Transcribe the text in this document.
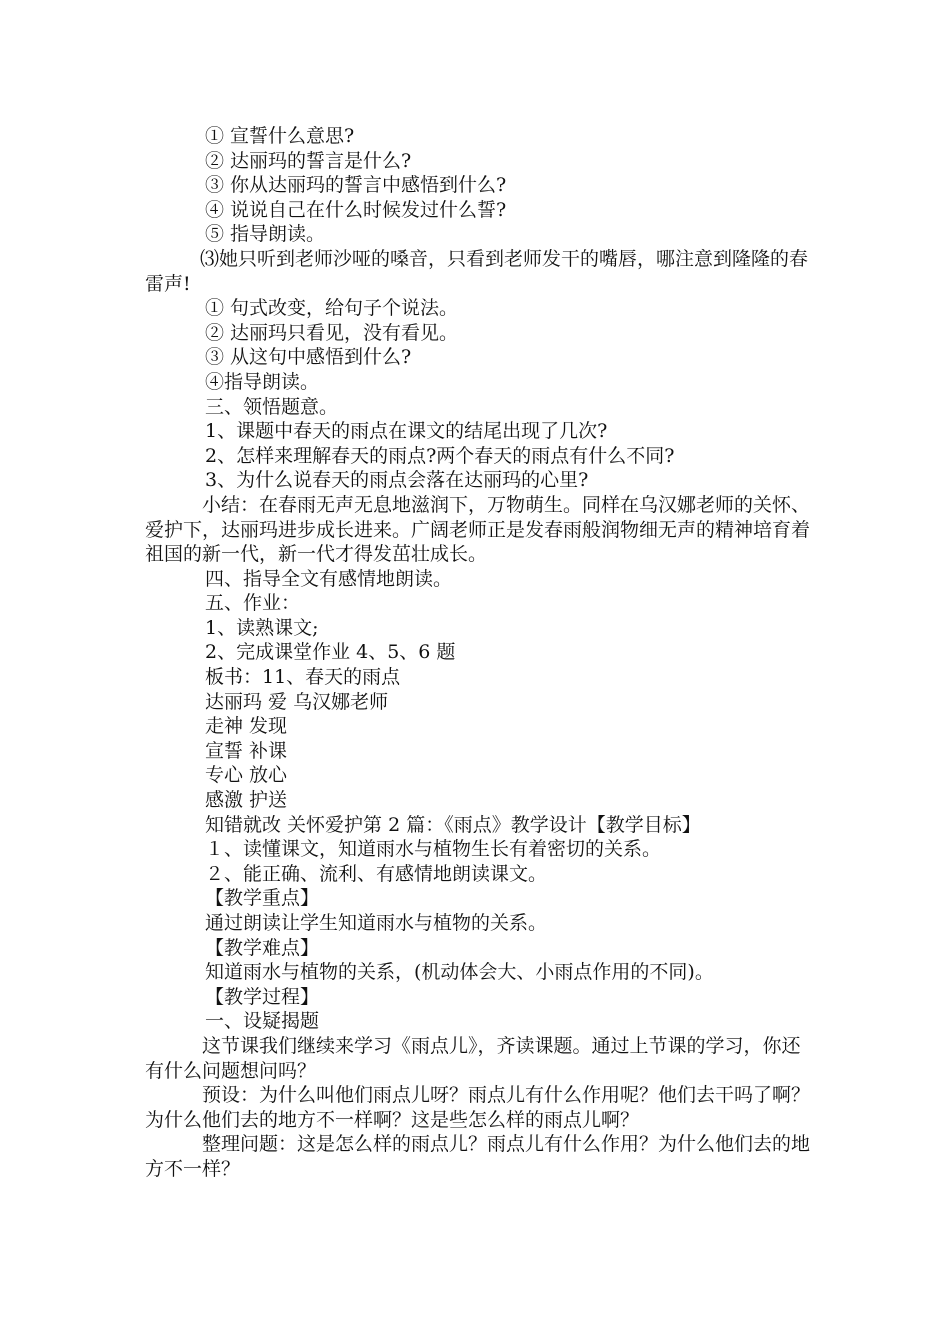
① 宣誓什么意思?

② 达丽玛的誓言是什么?

③ 你从达丽玛的誓言中感悟到什么?

④ 说说自己在什么时候发过什么誓?

⑤ 指导朗读。

⑶她只听到老师沙哑的嗓音，只看到老师发干的嘴唇，哪注意到隆隆的春雷声!

① 句式改变，给句子个说法。

② 达丽玛只看见，没有看见。

③ 从这句中感悟到什么?

④指导朗读。

三、领悟题意。

1、课题中春天的雨点在课文的结尾出现了几次?

2、怎样来理解春天的雨点?两个春天的雨点有什么不同?

3、为什么说春天的雨点会落在达丽玛的心里?

小结：在春雨无声无息地滋润下，万物萌生。同样在乌汉娜老师的关怀、 爱护下，达丽玛进步成长进来。广阔老师正是发春雨般润物细无声的精神培育着祖国的新一代，新一代才得发茁壮成长。

四、指导全文有感情地朗读。

五、作业：

1、读熟课文;

2、完成课堂作业 4、5、6 题

板书：11、春天的雨点

达丽玛 爱 乌汉娜老师

走神 发现

宣誓 补课

专心 放心

感激 护送

知错就改 关怀爱护第 2 篇：《雨点》教学设计【教学目标】

１、读懂课文，知道雨水与植物生长有着密切的关系。

２、能正确、流利、有感情地朗读课文。

【教学重点】

通过朗读让学生知道雨水与植物的关系。

【教学难点】

知道雨水与植物的关系，(机动体会大、小雨点作用的不同)。

【教学过程】

一、设疑揭题

这节课我们继续来学习《雨点儿》，齐读课题。通过上节课的学习，你还有什么问题想问吗？

预设：为什么叫他们雨点儿呀？雨点儿有什么作用呢？他们去干吗了啊？为什么他们去的地方不一样啊？这是些怎么样的雨点儿啊？

整理问题：这是怎么样的雨点儿？雨点儿有什么作用？为什么他们去的地方不一样？
